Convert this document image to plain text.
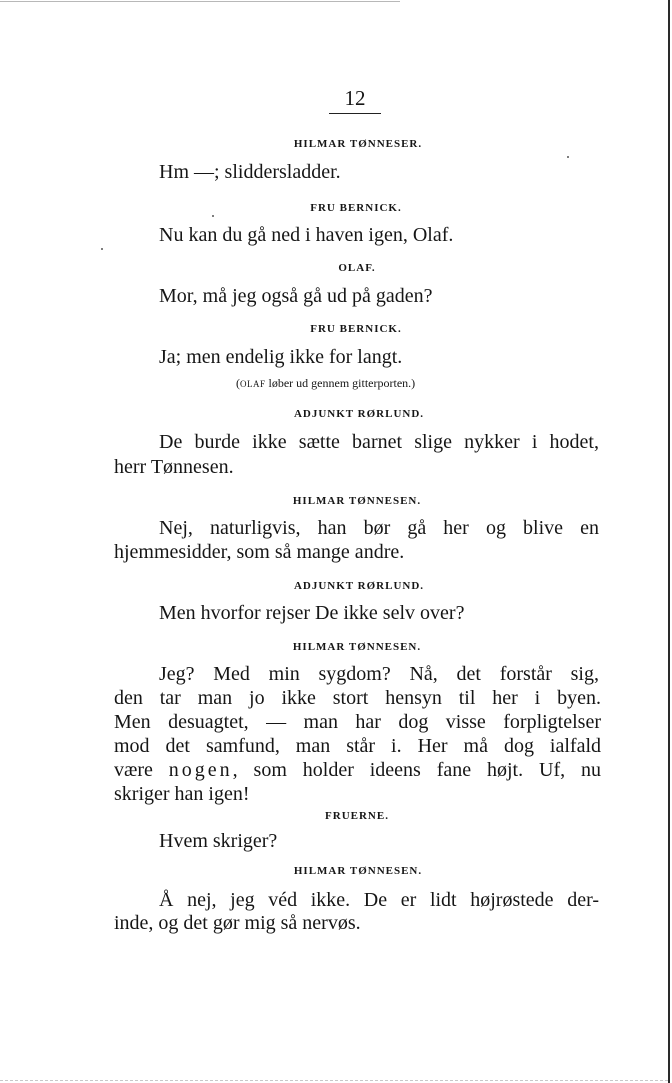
12
HILMAR TØNNESER.
Hm —; sliddersladder.
FRU BERNICK.
Nu kan du gå ned i haven igen, Olaf.
OLAF.
Mor, må jeg også gå ud på gaden?
FRU BERNICK.
Ja; men endelig ikke for langt.
(OLAF løber ud gennem gitterporten.)
ADJUNKT RØRLUND.
De burde ikke sætte barnet slige nykker i hodet,
herr Tønnesen.
HILMAR TØNNESEN.
Nej, naturligvis, han bør gå her og blive en
hjemmesidder, som så mange andre.
ADJUNKT RØRLUND.
Men hvorfor rejser De ikke selv over?
HILMAR TØNNESEN.
Jeg? Med min sygdom? Nå, det forstår sig,
den tar man jo ikke stort hensyn til her i byen.
Men desuagtet, — man har dog visse forpligtelser
mod det samfund, man står i. Her må dog ialfald
være nogen, som holder ideens fane højt. Uf, nu
skriger han igen!
FRUERNE.
Hvem skriger?
HILMAR TØNNESEN.
Å nej, jeg véd ikke. De er lidt højrøstede der-
inde, og det gør mig så nervøs.
